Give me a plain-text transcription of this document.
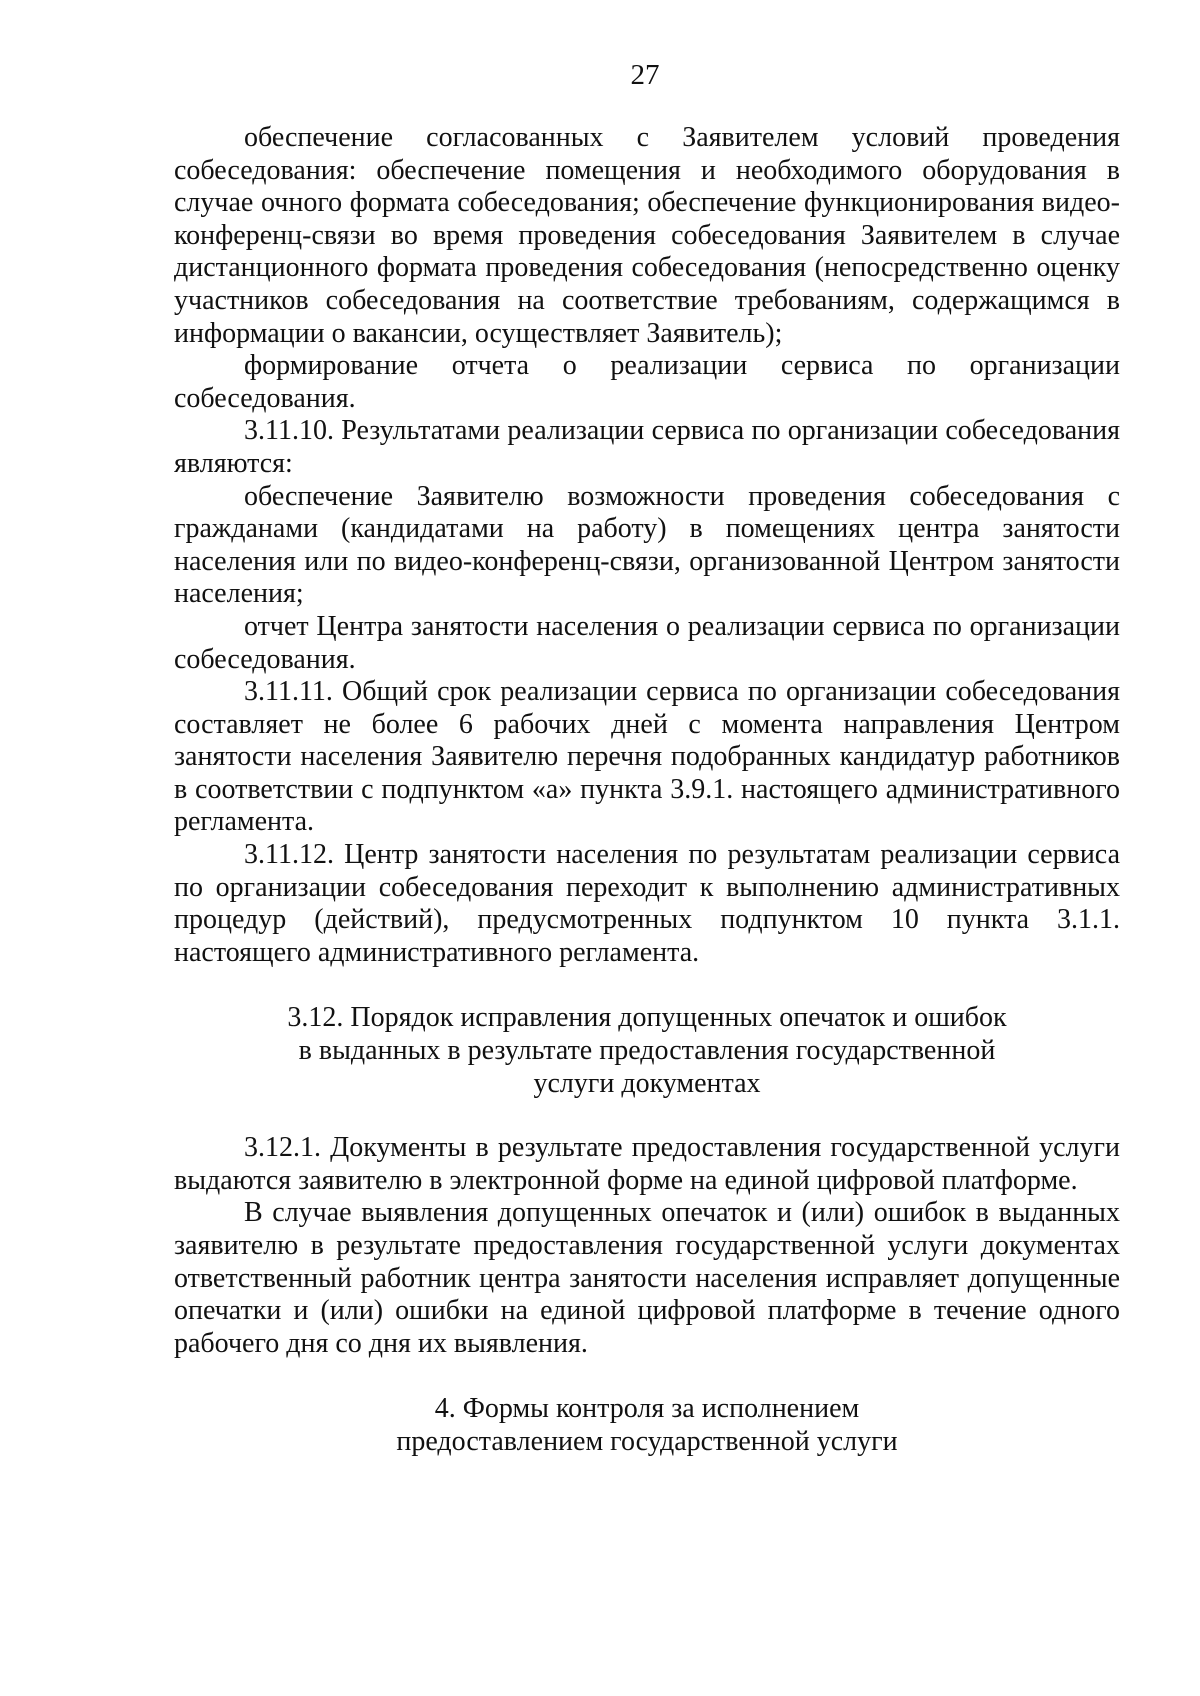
27

обеспечение согласованных с Заявителем условий проведения собеседования: обеспечение помещения и необходимого оборудования в случае очного формата собеседования; обеспечение функционирования видео-конференц-связи во время проведения собеседования Заявителем в случае дистанционного формата проведения собеседования (непосредственно оценку участников собеседования на соответствие требованиям, содержащимся в информации о вакансии, осуществляет Заявитель);

формирование отчета о реализации сервиса по организации собеседования.

3.11.10. Результатами реализации сервиса по организации собеседования являются:

обеспечение Заявителю возможности проведения собеседования с гражданами (кандидатами на работу) в помещениях центра занятости населения или по видео-конференц-связи, организованной Центром занятости населения;

отчет Центра занятости населения о реализации сервиса по организации собеседования.

3.11.11. Общий срок реализации сервиса по организации собеседования составляет не более 6 рабочих дней с момента направления Центром занятости населения Заявителю перечня подобранных кандидатур работников в соответствии с подпунктом «а» пункта 3.9.1. настоящего административного регламента.

3.11.12. Центр занятости населения по результатам реализации сервиса по организации собеседования переходит к выполнению административных процедур (действий), предусмотренных подпунктом 10 пункта 3.1.1. настоящего административного регламента.

3.12. Порядок исправления допущенных опечаток и ошибок
в выданных в результате предоставления государственной
услуги документах

3.12.1. Документы в результате предоставления государственной услуги выдаются заявителю в электронной форме на единой цифровой платформе.

В случае выявления допущенных опечаток и (или) ошибок в выданных заявителю в результате предоставления государственной услуги документах ответственный работник центра занятости населения исправляет допущенные опечатки и (или) ошибки на единой цифровой платформе в течение одного рабочего дня со дня их выявления.

4. Формы контроля за исполнением
предоставлением государственной услуги
